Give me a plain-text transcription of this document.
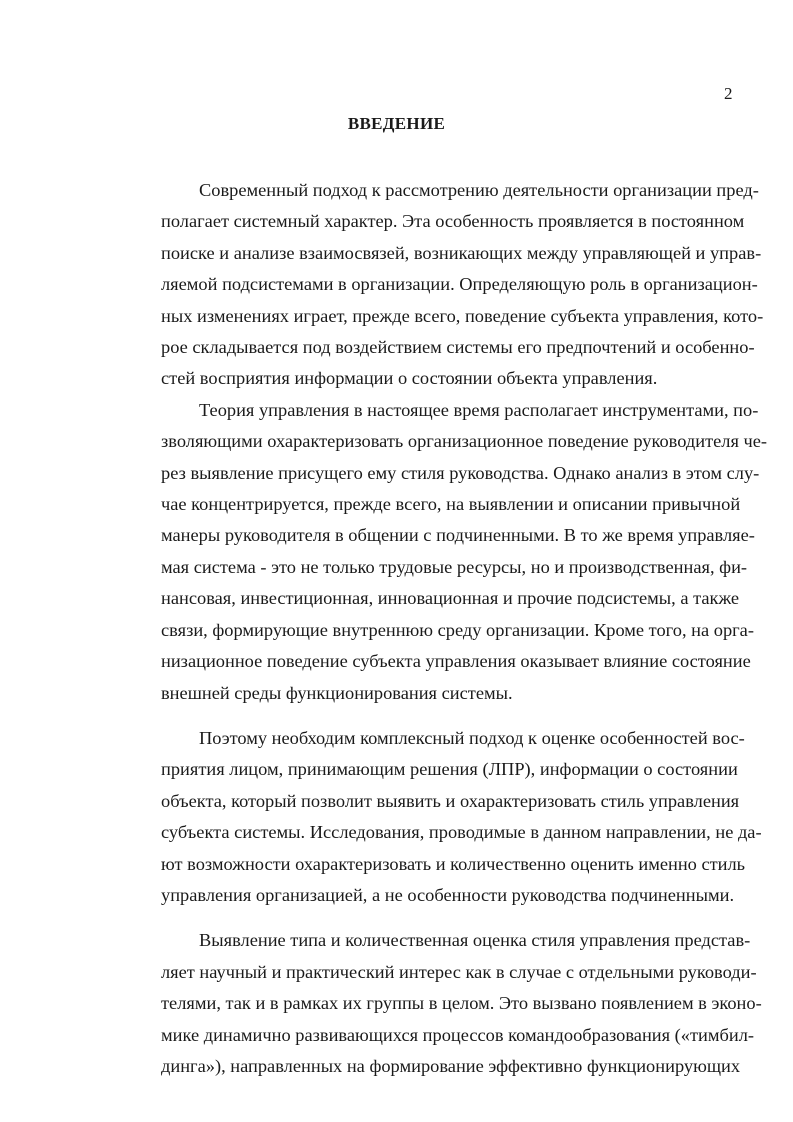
2
ВВЕДЕНИЕ
Современный подход к рассмотрению деятельности организации пред-
полагает системный характер. Эта особенность проявляется в постоянном
поиске и анализе взаимосвязей, возникающих между управляющей и управ-
ляемой подсистемами в организации. Определяющую роль в организацион-
ных изменениях играет, прежде всего, поведение субъекта управления, кото-
рое складывается под воздействием системы его предпочтений и особенно-
стей восприятия информации о состоянии объекта управления.
Теория управления в настоящее время располагает инструментами, по-
зволяющими охарактеризовать организационное поведение руководителя че-
рез выявление присущего ему стиля руководства. Однако анализ в этом слу-
чае концентрируется, прежде всего, на выявлении и описании привычной
манеры руководителя в общении с подчиненными. В то же время управляе-
мая система - это не только трудовые ресурсы, но и производственная, фи-
нансовая, инвестиционная, инновационная и прочие подсистемы, а также
связи, формирующие внутреннюю среду организации. Кроме того, на орга-
низационное поведение субъекта управления оказывает влияние состояние
внешней среды функционирования системы.
Поэтому необходим комплексный подход к оценке особенностей вос-
приятия лицом, принимающим решения (ЛПР), информации о состоянии
объекта, который позволит выявить и охарактеризовать стиль управления
субъекта системы. Исследования, проводимые в данном направлении, не да-
ют возможности охарактеризовать и количественно оценить именно стиль
управления организацией, а не особенности руководства подчиненными.
Выявление типа и количественная оценка стиля управления представ-
ляет научный и практический интерес как в случае с отдельными руководи-
телями, так и в рамках их группы в целом. Это вызвано появлением в эконо-
мике динамично развивающихся процессов командообразования («тимбил-
динга»), направленных на формирование эффективно функционирующих
